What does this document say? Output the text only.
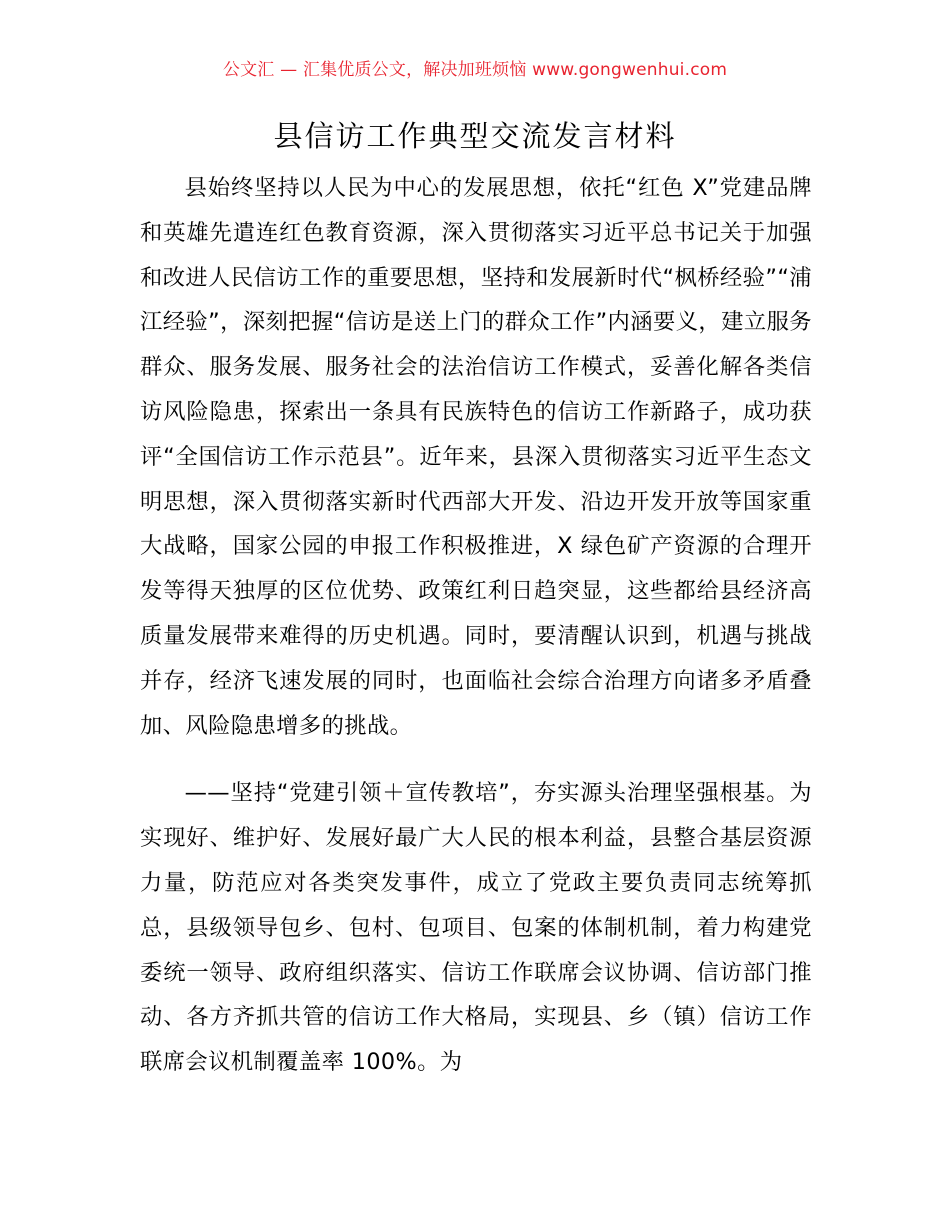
公文汇 — 汇集优质公文，解决加班烦恼 www.gongwenhui.com
县信访工作典型交流发言材料

县始终坚持以人民为中心的发展思想，依托“红色 X”党建品牌和英雄先遣连红色教育资源，深入贯彻落实习近平总书记关于加强和改进人民信访工作的重要思想，坚持和发展新时代“枫桥经验”“浦江经验”，深刻把握“信访是送上门的群众工作”内涵要义，建立服务群众、服务发展、服务社会的法治信访工作模式，妥善化解各类信访风险隐患，探索出一条具有民族特色的信访工作新路子，成功获评“全国信访工作示范县”。近年来，县深入贯彻落实习近平生态文明思想，深入贯彻落实新时代西部大开发、沿边开发开放等国家重大战略，国家公园的申报工作积极推进，X 绿色矿产资源的合理开发等得天独厚的区位优势、政策红利日趋突显，这些都给县经济高质量发展带来难得的历史机遇。同时，要清醒认识到，机遇与挑战并存，经济飞速发展的同时，也面临社会综合治理方向诸多矛盾叠加、风险隐患增多的挑战。

——坚持“党建引领＋宣传教培”，夯实源头治理坚强根基。为实现好、维护好、发展好最广大人民的根本利益，县整合基层资源力量，防范应对各类突发事件，成立了党政主要负责同志统筹抓总，县级领导包乡、包村、包项目、包案的体制机制，着力构建党委统一领导、政府组织落实、信访工作联席会议协调、信访部门推动、各方齐抓共管的信访工作大格局，实现县、乡（镇）信访工作联席会议机制覆盖率 100%。为
